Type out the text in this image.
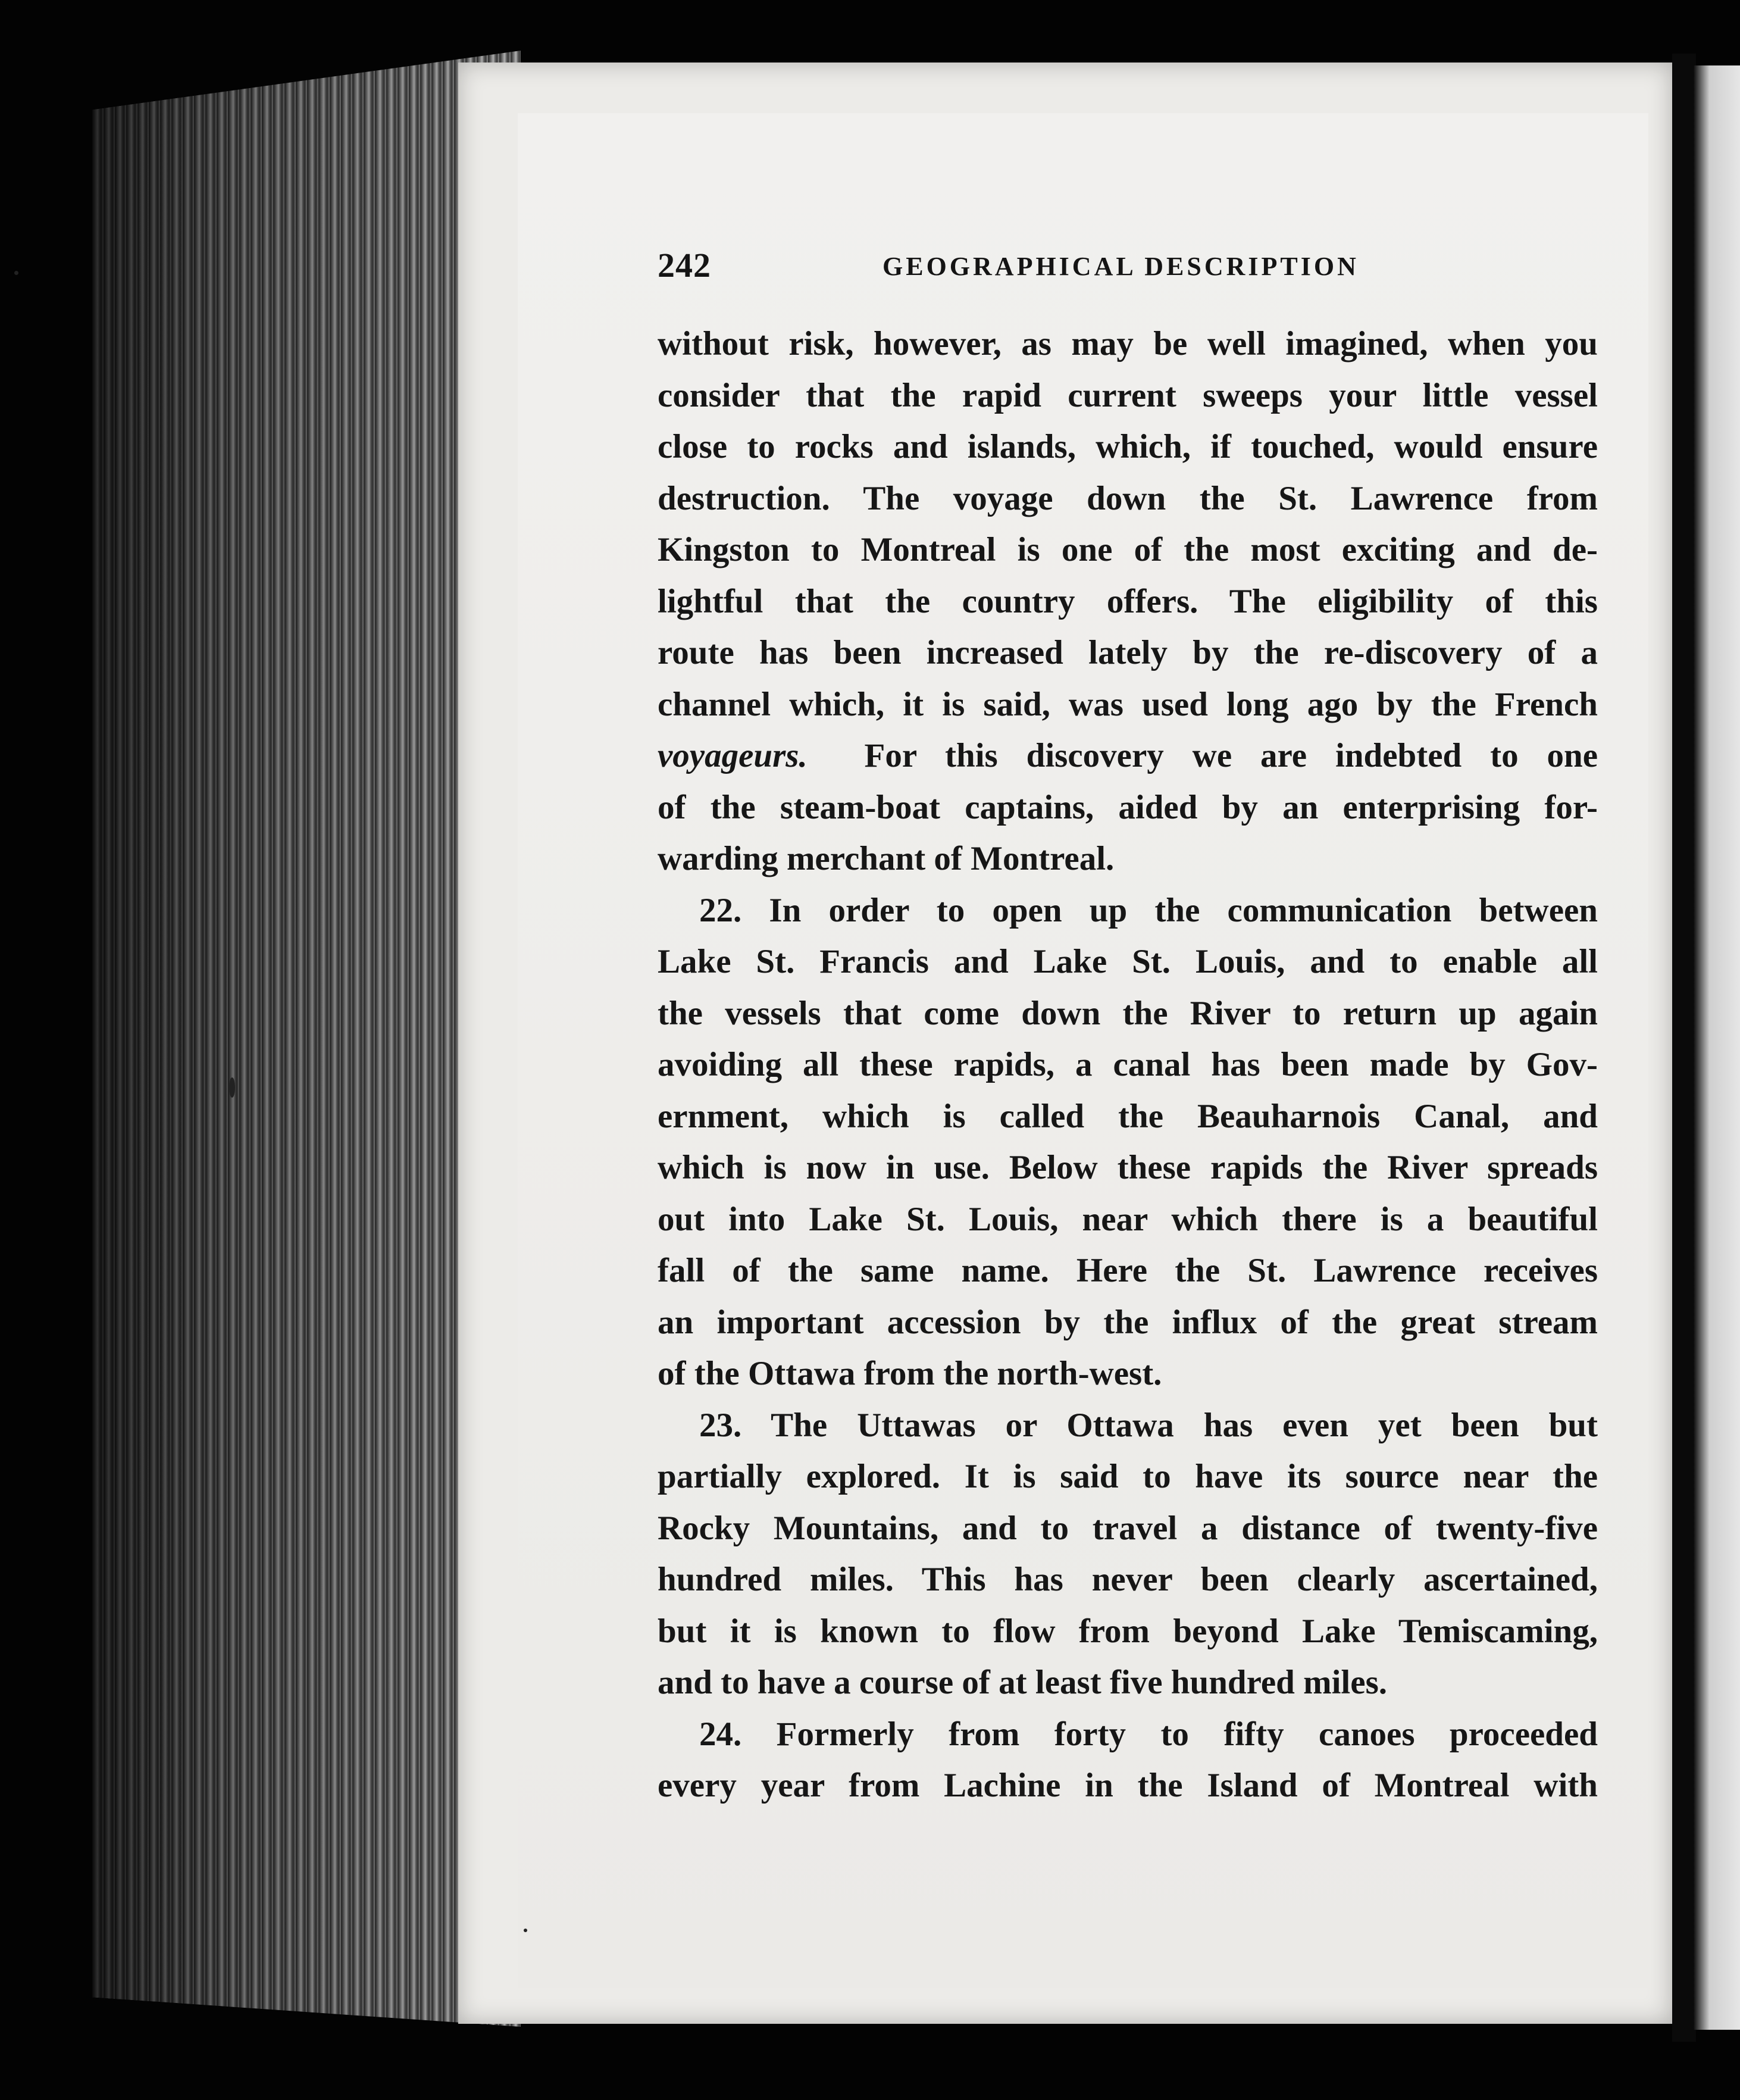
242	GEOGRAPHICAL DESCRIPTION
without risk, however, as may be well imagined, when you
consider that the rapid current sweeps your little vessel
close to rocks and islands, which, if touched, would ensure
destruction. The voyage down the St. Lawrence from
Kingston to Montreal is one of the most exciting and de-
lightful that the country offers. The eligibility of this
route has been increased lately by the re-discovery of a
channel which, it is said, was used long ago by the French
voyageurs. For this discovery we are indebted to one
of the steam-boat captains, aided by an enterprising for-
warding merchant of Montreal.
22. In order to open up the communication between
Lake St. Francis and Lake St. Louis, and to enable all
the vessels that come down the River to return up again
avoiding all these rapids, a canal has been made by Gov-
ernment, which is called the Beauharnois Canal, and
which is now in use. Below these rapids the River spreads
out into Lake St. Louis, near which there is a beautiful
fall of the same name. Here the St. Lawrence receives
an important accession by the influx of the great stream
of the Ottawa from the north-west.
23. The Uttawas or Ottawa has even yet been but
partially explored. It is said to have its source near the
Rocky Mountains, and to travel a distance of twenty-five
hundred miles. This has never been clearly ascertained,
but it is known to flow from beyond Lake Temiscaming,
and to have a course of at least five hundred miles.
24. Formerly from forty to fifty canoes proceeded
every year from Lachine in the Island of Montreal with
